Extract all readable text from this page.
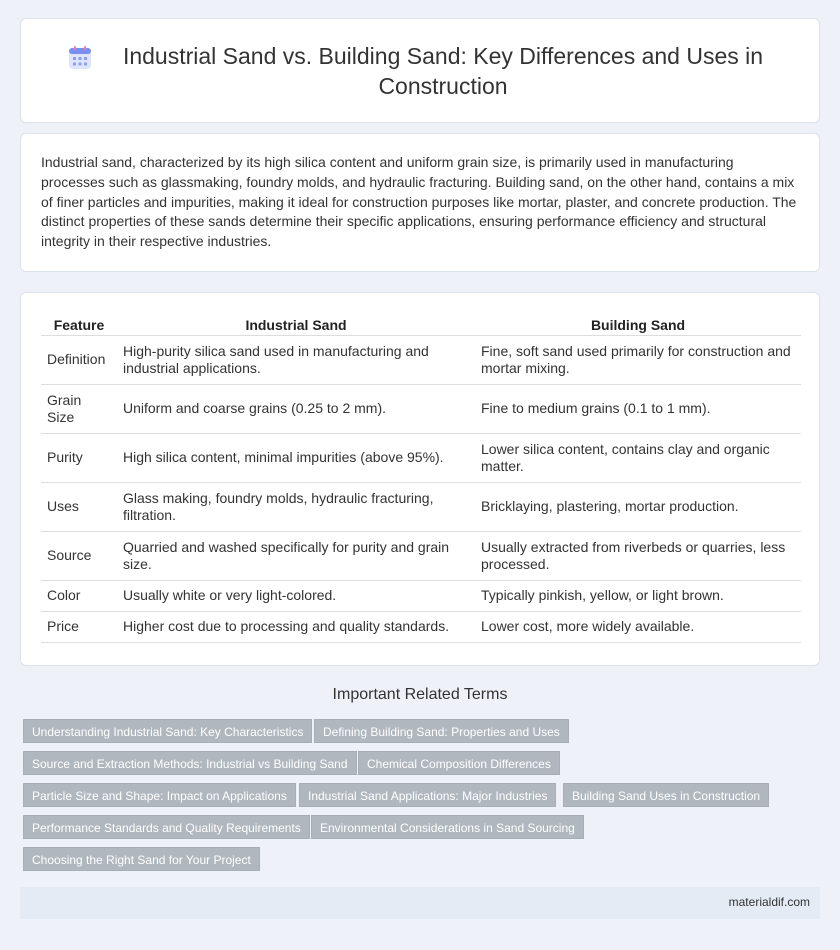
Industrial Sand vs. Building Sand: Key Differences and Uses in Construction

Industrial sand, characterized by its high silica content and uniform grain size, is primarily used in manufacturing processes such as glassmaking, foundry molds, and hydraulic fracturing. Building sand, on the other hand, contains a mix of finer particles and impurities, making it ideal for construction purposes like mortar, plaster, and concrete production. The distinct properties of these sands determine their specific applications, ensuring performance efficiency and structural integrity in their respective industries.

Feature	Industrial Sand	Building Sand
Definition	High-purity silica sand used in manufacturing and industrial applications.	Fine, soft sand used primarily for construction and mortar mixing.
Grain Size	Uniform and coarse grains (0.25 to 2 mm).	Fine to medium grains (0.1 to 1 mm).
Purity	High silica content, minimal impurities (above 95%).	Lower silica content, contains clay and organic matter.
Uses	Glass making, foundry molds, hydraulic fracturing, filtration.	Bricklaying, plastering, mortar production.
Source	Quarried and washed specifically for purity and grain size.	Usually extracted from riverbeds or quarries, less processed.
Color	Usually white or very light-colored.	Typically pinkish, yellow, or light brown.
Price	Higher cost due to processing and quality standards.	Lower cost, more widely available.
Important Related Terms
Understanding Industrial Sand: Key Characteristics	Defining Building Sand: Properties and Uses
Source and Extraction Methods: Industrial vs Building Sand	Chemical Composition Differences
Particle Size and Shape: Impact on Applications	Industrial Sand Applications: Major Industries	Building Sand Uses in Construction
Performance Standards and Quality Requirements	Environmental Considerations in Sand Sourcing
Choosing the Right Sand for Your Project
materialdif.com
